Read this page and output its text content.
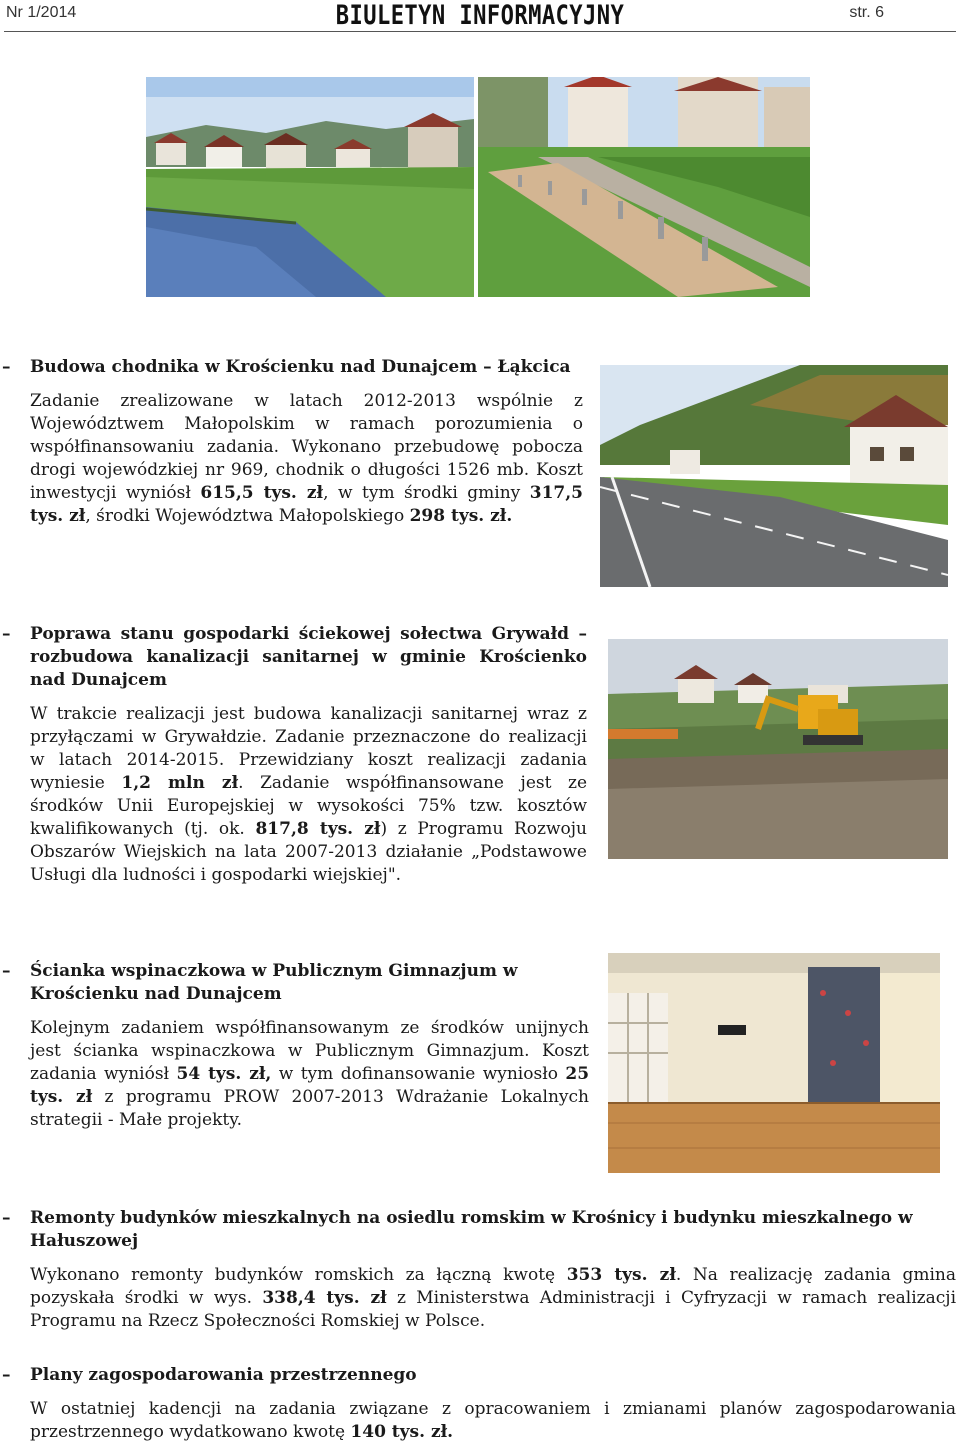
Nr 1/2014	BIULETYN INFORMACYJNY	str. 6
– Budowa chodnika w Krościenku nad Dunajcem – Łąkcica

Zadanie zrealizowane w latach 2012-2013 wspólnie z Województwem Małopolskim w ramach porozumienia o współfinansowaniu zadania. Wykonano przebudowę pobocza drogi wojewódzkiej nr 969, chodnik o długości 1526 mb. Koszt inwestycji wyniósł 615,5 tys. zł, w tym środki gminy 317,5 tys. zł, środki Województwa Małopolskiego 298 tys. zł.

– Poprawa stanu gospodarki ściekowej sołectwa Grywałd – rozbudowa kanalizacji sanitarnej w gminie Krościenko nad Dunajcem

W trakcie realizacji jest budowa kanalizacji sanitarnej wraz z przyłączami w Grywałdzie. Zadanie przeznaczone do realizacji w latach 2014-2015. Przewidziany koszt realizacji zadania wyniesie 1,2 mln zł. Zadanie współfinansowane jest ze środków Unii Europejskiej w wysokości 75% tzw. kosztów kwalifikowanych (tj. ok. 817,8 tys. zł) z Programu Rozwoju Obszarów Wiejskich na lata 2007-2013 działanie „Podstawowe Usługi dla ludności i gospodarki wiejskiej".

– Ścianka wspinaczkowa w Publicznym Gimnazjum w Krościenku nad Dunajcem

Kolejnym zadaniem współfinansowanym ze środków unijnych jest ścianka wspinaczkowa w Publicznym Gimnazjum. Koszt zadania wyniósł 54 tys. zł, w tym dofinansowanie wyniosło 25 tys. zł z programu PROW 2007-2013 Wdrażanie Lokalnych strategii - Małe projekty.

– Remonty budynków mieszkalnych na osiedlu romskim w Krośnicy i budynku mieszkalnego w Hałuszowej

Wykonano remonty budynków romskich za łączną kwotę 353 tys. zł. Na realizację zadania gmina pozyskała środki w wys. 338,4 tys. zł z Ministerstwa Administracji i Cyfryzacji w ramach realizacji Programu na Rzecz Społeczności Romskiej w Polsce.

– Plany zagospodarowania przestrzennego

W ostatniej kadencji na zadania związane z opracowaniem i zmianami planów zagospodarowania przestrzennego wydatkowano kwotę 140 tys. zł.
